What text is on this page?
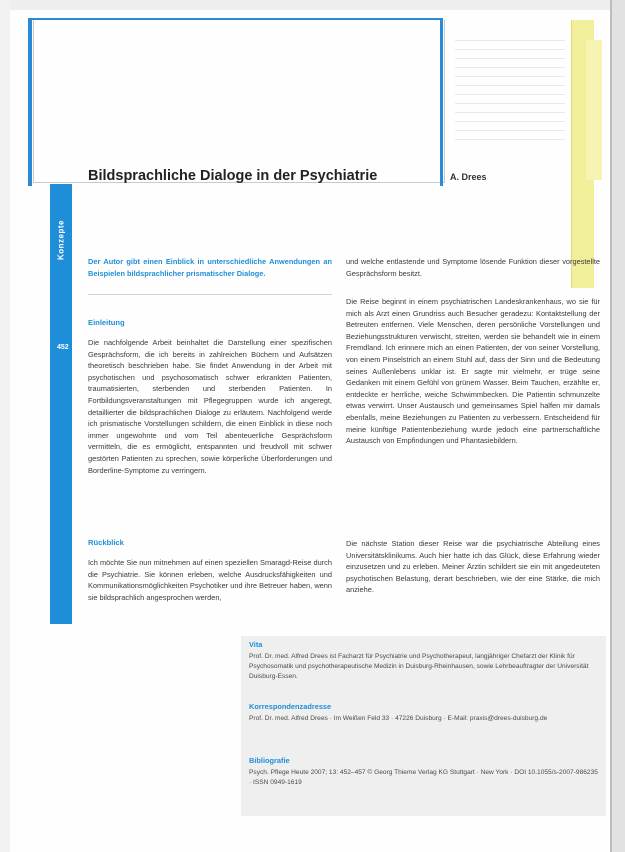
Bildsprachliche Dialoge in der Psychiatrie	A. Drees
Konzepte
452
Der Autor gibt einen Einblick in unterschiedliche Anwendungen an Beispielen bildsprachlicher prismatischer Dialoge.
Einleitung
Die nachfolgende Arbeit beinhaltet die Darstellung einer spezifischen Gesprächsform, die ich bereits in zahlreichen Büchern und Aufsätzen theoretisch beschrieben habe. Sie findet Anwendung in der Arbeit mit psychotischen und psychosomatisch schwer erkrankten Patienten, traumatisierten, sterbenden und sterbenden Patienten. In Fortbildungsveranstaltungen mit Pflegegruppen wurde ich angeregt, detaillierter die bildsprachlichen Dialoge zu erläutern. Nachfolgend werde ich prismatische Vorstellungen schildern, die einen Einblick in diese noch immer ungewohnte und vom Teil abenteuerliche Gesprächsform vermitteln, die es ermöglicht, entspannten und freudvoll mit schwer gestörten Patienten zu sprechen, sowie körperliche Überforderungen und Borderline-Symptome zu verringern.
Rückblick
Ich möchte Sie nun mitnehmen auf einen speziellen Smaragd-Reise durch die Psychiatrie. Sie können erleben, welche Ausdrucksfähigkeiten und Kommunikationsmöglichkeiten Psychotiker und ihre Betreuer haben, wenn sie bildsprachlich angesprochen werden,
und welche entlastende und Symptome lösende Funktion dieser vorgestellte Gesprächsform besitzt.
Die Reise beginnt in einem psychiatrischen Landeskrankenhaus, wo sie für mich als Arzt einen Grundriss auch Besucher geradezu: Kontaktstellung der Betreuten entfernen. Viele Menschen, deren persönliche Vorstellungen und Beziehungsstrukturen verwischt, streiten, werden sie behandelt wie in einem Fremdland. Ich erinnere mich an einen Patienten, der von seiner Vorstellung, von einem Pinselstrich an einem Stuhl auf, dass der Sinn und die Bedeutung seines Außenlebens unklar ist. Er sagte mir vielmehr, er trüge seine Gedanken mit einem Gefühl von grünem Wasser. Beim Tauchen, erzählte er, entdeckte er herrliche, weiche Schwimmbecken. Die Patientin schmunzelte etwas verwirrt. Unser Austausch und gemeinsames Spiel halfen mir damals ebenfalls, meine Beziehungen zu Patienten zu verbessern. Entscheidend für meine künftige Patientenbeziehung wurde jedoch eine partnerschaftliche Austausch von Empfindungen und Phantasiebildern.
Die nächste Station dieser Reise war die psychiatrische Abteilung eines Universitätsklinikums. Auch hier hatte ich das Glück, diese Erfahrung wieder einzusetzen und zu erleben. Meiner Ärztin schildert sie ein mit angedeuteten psychotischen Belastung, derart beschrieben, wie der eine Stärke, die mich anziehe.
Vita
Prof. Dr. med. Alfred Drees ist Facharzt für Psychiatrie und Psychotherapeut, langjähriger Chefarzt der Klinik für Psychosomatik und psychotherapeutische Medizin in Duisburg-Rheinhausen, sowie Lehrbeauftragter der Universität Duisburg-Essen.
Korrespondenzadresse
Prof. Dr. med. Alfred Drees · Im Weißen Feld 33 · 47226 Duisburg · E-Mail: praxis@drees-duisburg.de
Bibliografie
Psych. Pflege Heute 2007; 13: 452–457 © Georg Thieme Verlag KG Stuttgart · New York · DOI 10.1055/s-2007-986235 · ISSN 0949-1619
